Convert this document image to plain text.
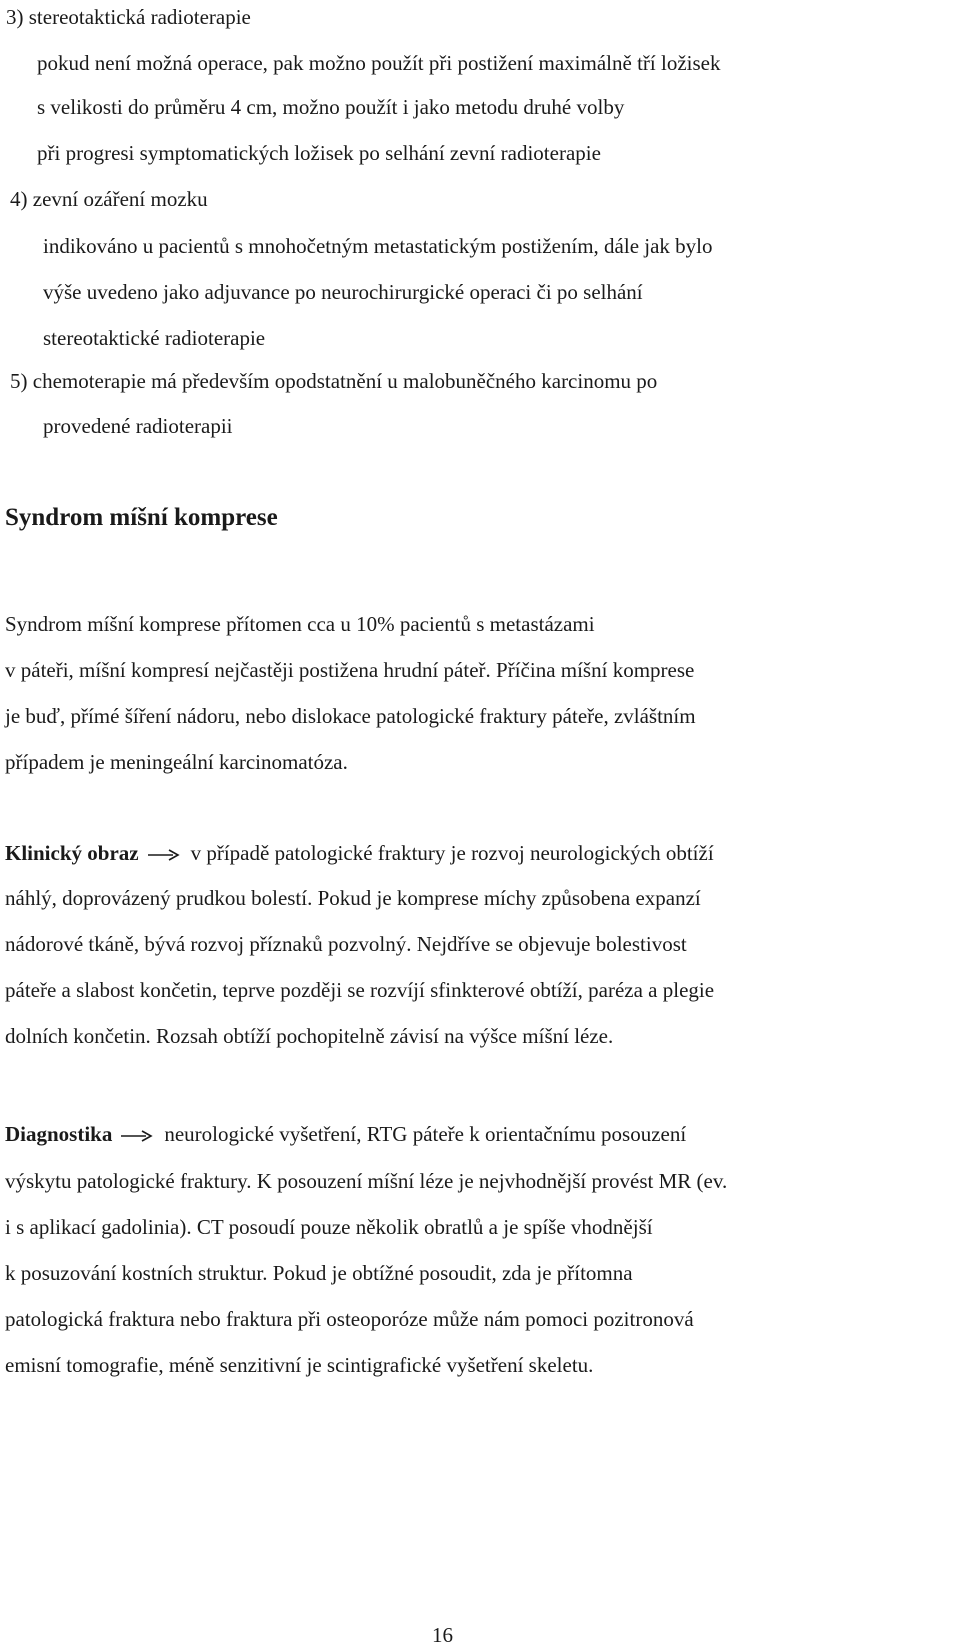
3) stereotaktická radioterapie
pokud není možná operace, pak možno použít při postižení maximálně tří ložisek
s velikosti do průměru 4 cm, možno použít i jako metodu druhé volby
při progresi symptomatických ložisek po selhání zevní radioterapie
4) zevní ozáření mozku
indikováno u pacientů s mnohočetným metastatickým postižením, dále jak bylo
výše uvedeno jako adjuvance po neurochirurgické operaci či po selhání
stereotaktické radioterapie
5) chemoterapie má především opodstatnění u malobuněčného karcinomu po
provedené radioterapii
Syndrom míšní komprese
Syndrom míšní komprese přítomen cca u 10% pacientů s metastázami
v páteři, míšní kompresí nejčastěji postižena hrudní páteř. Příčina míšní komprese
je buď, přímé šíření nádoru, nebo dislokace patologické fraktury páteře, zvláštním
případem je meningeální karcinomatóza.
Klinický obraz v případě patologické fraktury je rozvoj neurologických obtíží
náhlý, doprovázený prudkou bolestí. Pokud je komprese míchy způsobena expanzí
nádorové tkáně, bývá rozvoj příznaků pozvolný. Nejdříve se objevuje bolestivost
páteře a slabost končetin, teprve později se rozvíjí sfinkterové obtíží, paréza a plegie
dolních končetin. Rozsah obtíží pochopitelně závisí na výšce míšní léze.
Diagnostika neurologické vyšetření, RTG páteře k orientačnímu posouzení
výskytu patologické fraktury. K posouzení míšní léze je nejvhodnější provést MR (ev.
i s aplikací gadolinia). CT posoudí pouze několik obratlů a je spíše vhodnější
k posuzování kostních struktur. Pokud je obtížné posoudit, zda je přítomna
patologická fraktura nebo fraktura při osteoporóze může nám pomoci pozitronová
emisní tomografie, méně senzitivní je scintigrafické vyšetření skeletu.
16
